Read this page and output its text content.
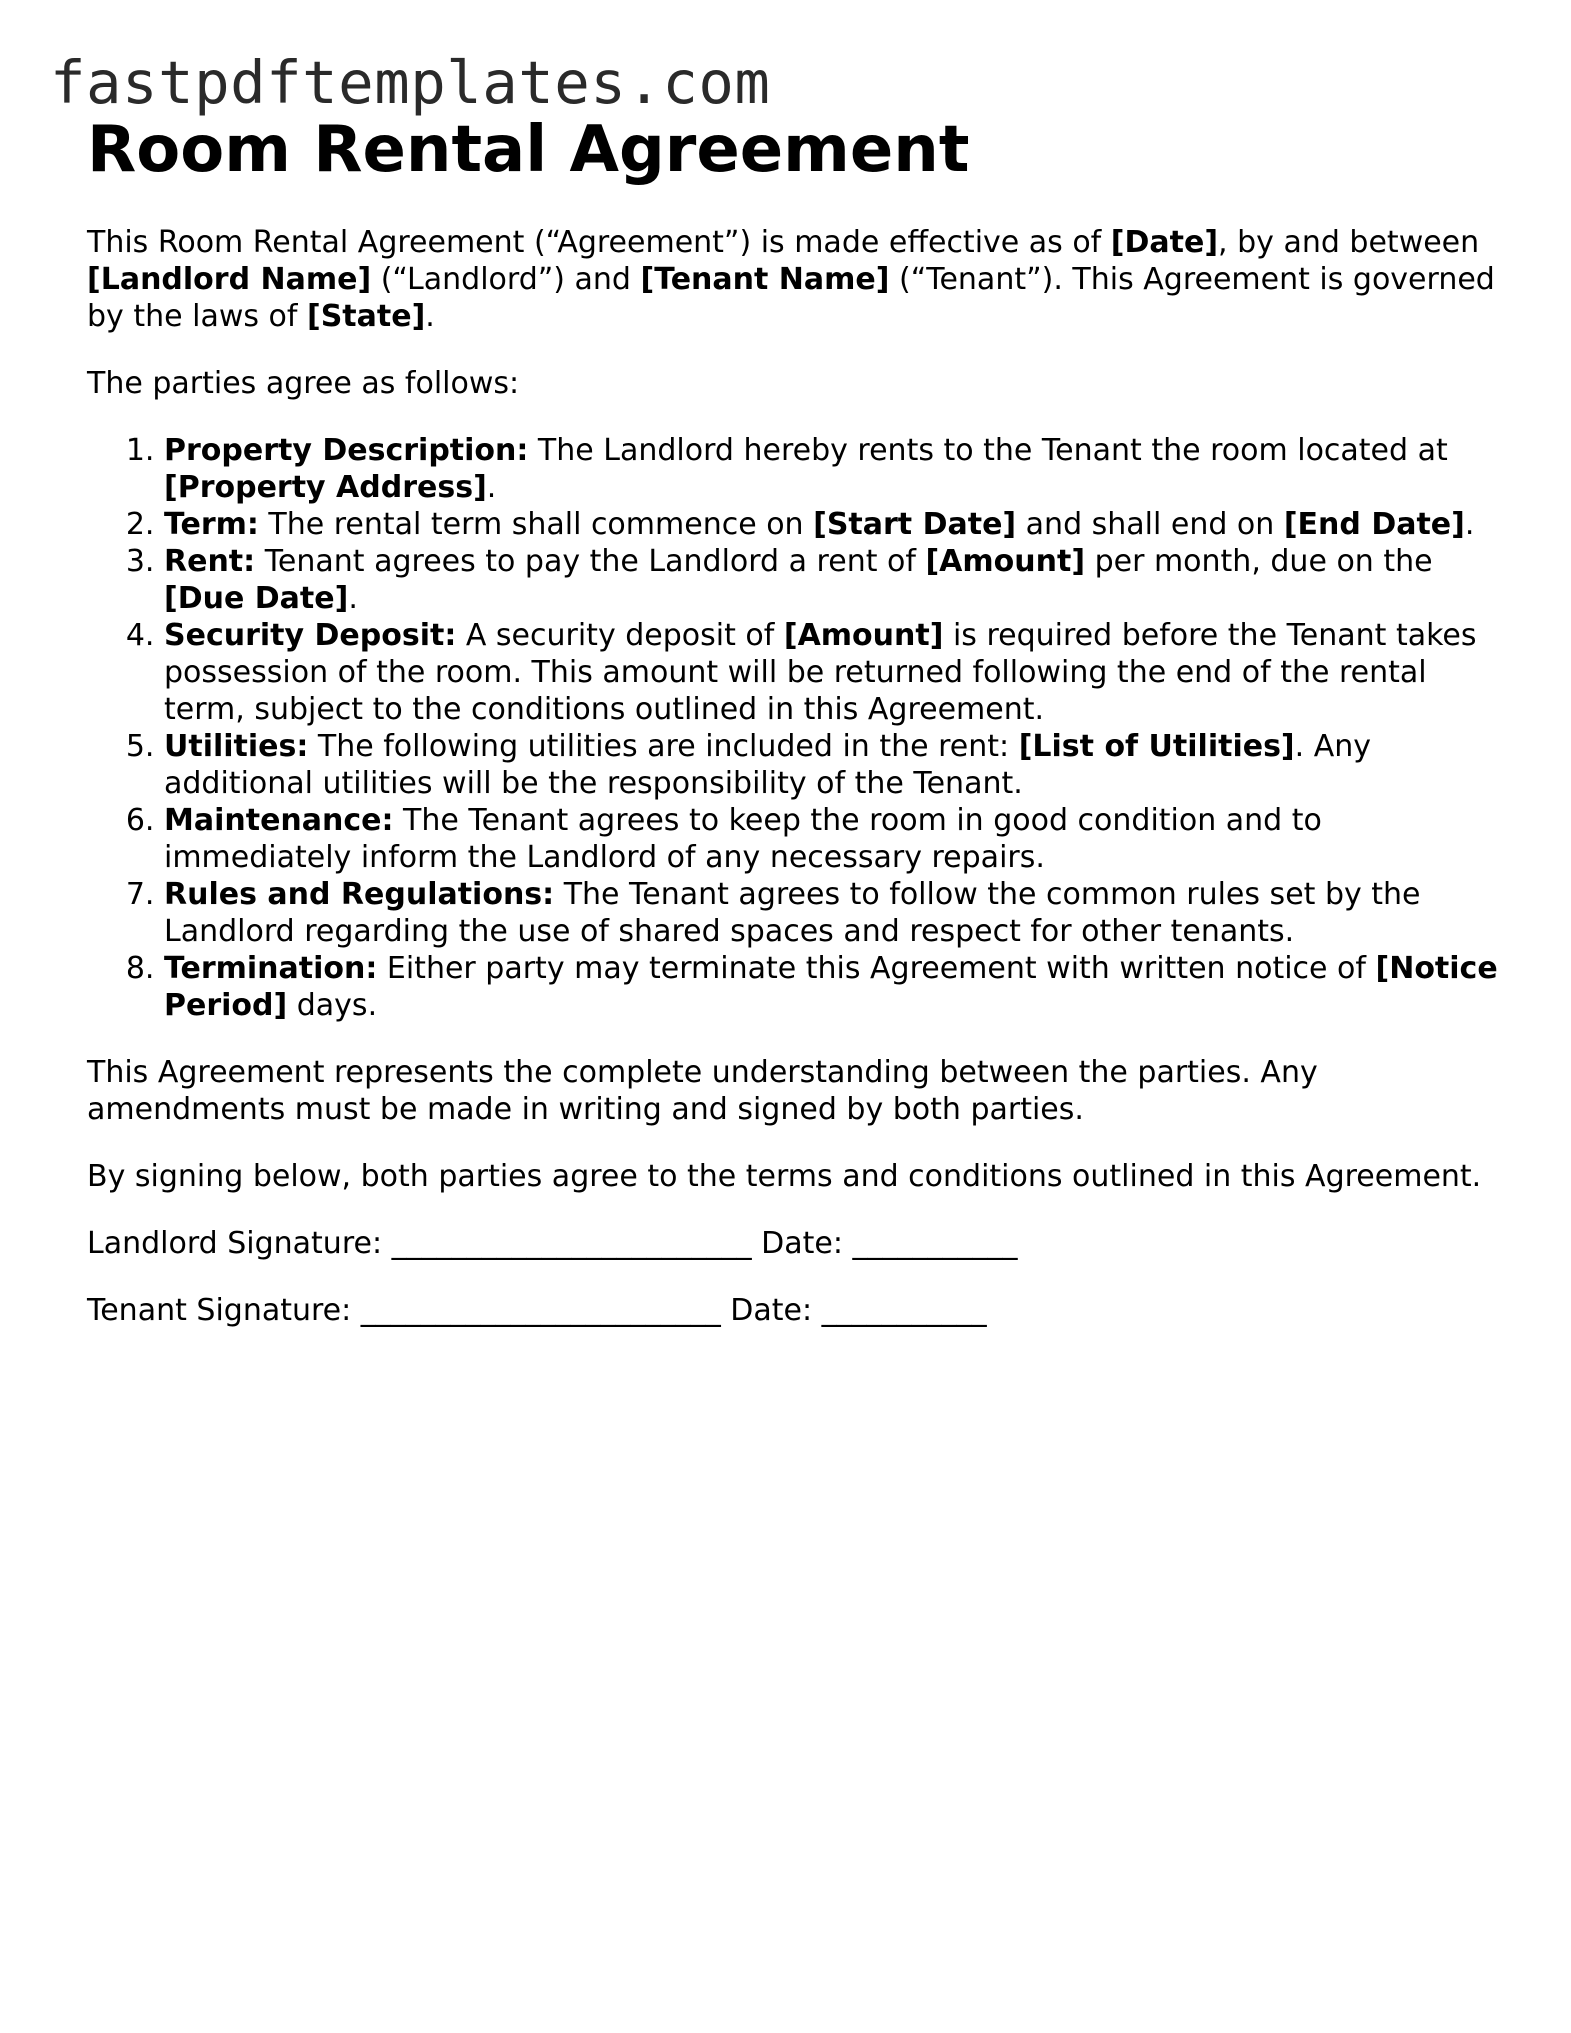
fastpdftemplates.com
Room Rental Agreement

This Room Rental Agreement (“Agreement”) is made effective as of [Date], by and between [Landlord Name] (“Landlord”) and [Tenant Name] (“Tenant”). This Agreement is governed by the laws of [State].

The parties agree as follows:

1. Property Description: The Landlord hereby rents to the Tenant the room located at [Property Address].
2. Term: The rental term shall commence on [Start Date] and shall end on [End Date].
3. Rent: Tenant agrees to pay the Landlord a rent of [Amount] per month, due on the [Due Date].
4. Security Deposit: A security deposit of [Amount] is required before the Tenant takes possession of the room. This amount will be returned following the end of the rental term, subject to the conditions outlined in this Agreement.
5. Utilities: The following utilities are included in the rent: [List of Utilities]. Any additional utilities will be the responsibility of the Tenant.
6. Maintenance: The Tenant agrees to keep the room in good condition and to immediately inform the Landlord of any necessary repairs.
7. Rules and Regulations: The Tenant agrees to follow the common rules set by the Landlord regarding the use of shared spaces and respect for other tenants.
8. Termination: Either party may terminate this Agreement with written notice of [Notice Period] days.

This Agreement represents the complete understanding between the parties. Any amendments must be made in writing and signed by both parties.

By signing below, both parties agree to the terms and conditions outlined in this Agreement.

Landlord Signature: ________________________ Date: ___________

Tenant Signature: ________________________ Date: ___________
